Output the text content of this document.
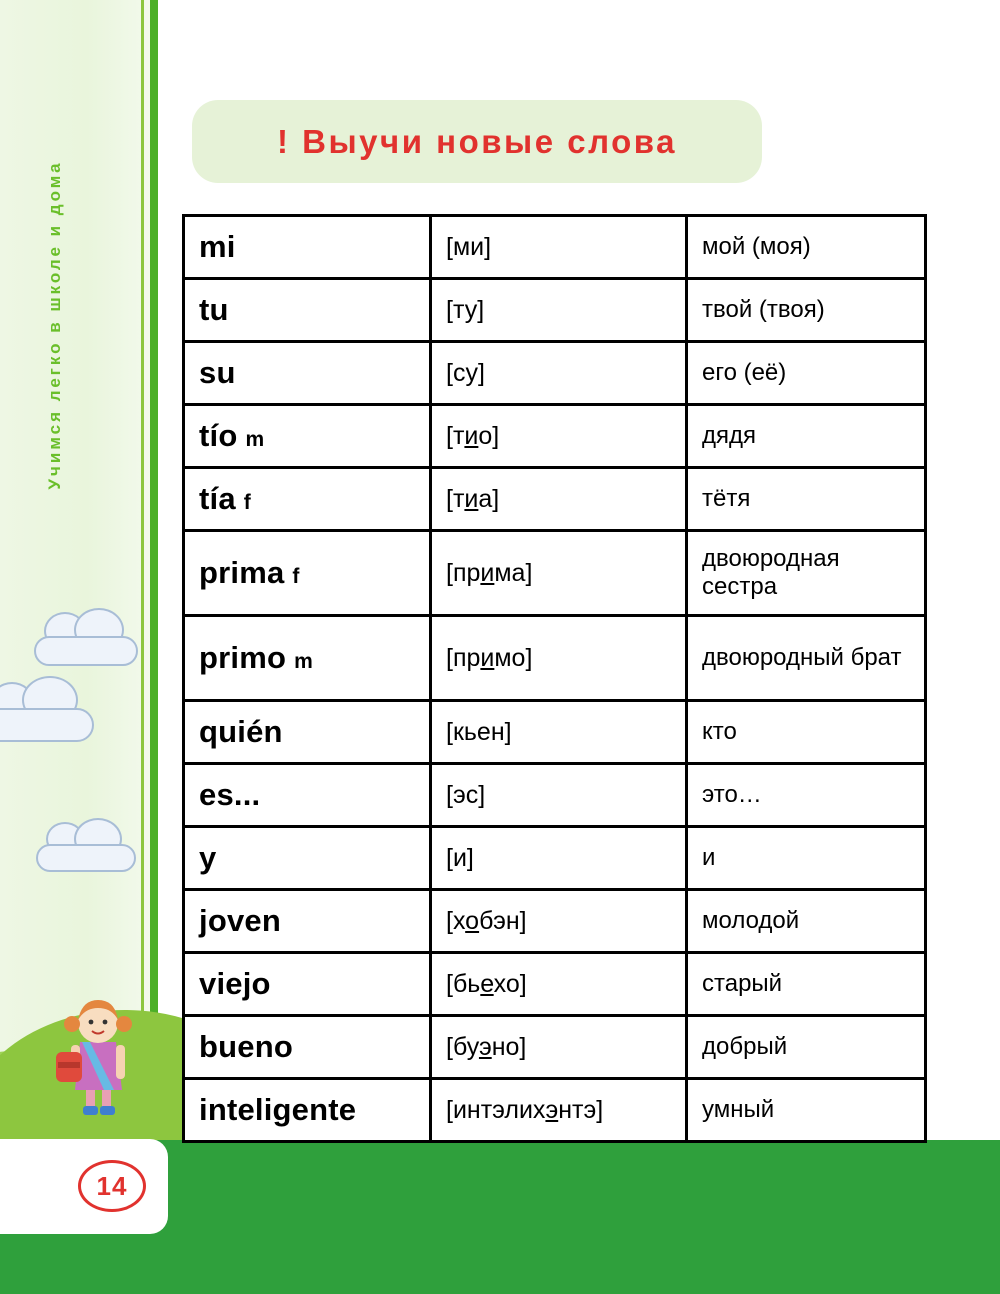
Учимся легко в школе и дома
14
! Выучи новые слова
mi	[ми]	мой (моя)
tu	[ту]	твой (твоя)
su	[су]	его (её)
tío m	[тио]	дядя
tía f	[тиа]	тётя
prima f	[прима]	двоюродная сестра
primo m	[примо]	двоюродный брат
quién	[кьен]	кто
es...	[эс]	это…
y	[и]	и
joven	[хобэн]	молодой
viejo	[бьехо]	старый
bueno	[буэно]	добрый
inteligente	[интэлихэнтэ]	умный
